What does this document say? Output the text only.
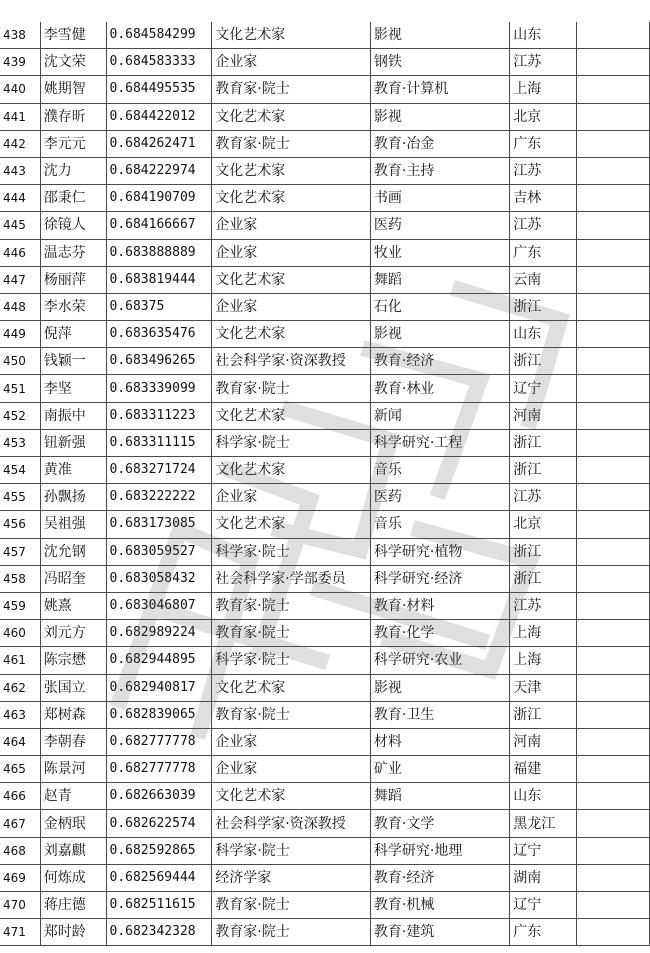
438	李雪健	0.684584299	文化艺术家	影视	山东	
439	沈文荣	0.684583333	企业家	钢铁	江苏	
440	姚期智	0.684495535	教育家·院士	教育·计算机	上海	
441	濮存昕	0.684422012	文化艺术家	影视	北京	
442	李元元	0.684262471	教育家·院士	教育·冶金	广东	
443	沈力	0.684222974	文化艺术家	教育·主持	江苏	
444	邵秉仁	0.684190709	文化艺术家	书画	吉林	
445	徐镜人	0.684166667	企业家	医药	江苏	
446	温志芬	0.683888889	企业家	牧业	广东	
447	杨丽萍	0.683819444	文化艺术家	舞蹈	云南	
448	李水荣	0.68375	企业家	石化	浙江	
449	倪萍	0.683635476	文化艺术家	影视	山东	
450	钱颖一	0.683496265	社会科学家·资深教授	教育·经济	浙江	
451	李坚	0.683339099	教育家·院士	教育·林业	辽宁	
452	南振中	0.683311223	文化艺术家	新闻	河南	
453	钮新强	0.683311115	科学家·院士	科学研究·工程	浙江	
454	黄准	0.683271724	文化艺术家	音乐	浙江	
455	孙飘扬	0.683222222	企业家	医药	江苏	
456	吴祖强	0.683173085	文化艺术家	音乐	北京	
457	沈允钢	0.683059527	科学家·院士	科学研究·植物	浙江	
458	冯昭奎	0.683058432	社会科学家·学部委员	科学研究·经济	浙江	
459	姚熹	0.683046807	教育家·院士	教育·材料	江苏	
460	刘元方	0.682989224	教育家·院士	教育·化学	上海	
461	陈宗懋	0.682944895	科学家·院士	科学研究·农业	上海	
462	张国立	0.682940817	文化艺术家	影视	天津	
463	郑树森	0.682839065	教育家·院士	教育·卫生	浙江	
464	李朝春	0.682777778	企业家	材料	河南	
465	陈景河	0.682777778	企业家	矿业	福建	
466	赵青	0.682663039	文化艺术家	舞蹈	山东	
467	金柄珉	0.682622574	社会科学家·资深教授	教育·文学	黑龙江	
468	刘嘉麒	0.682592865	科学家·院士	科学研究·地理	辽宁	
469	何炼成	0.682569444	经济学家	教育·经济	湖南	
470	蒋庄德	0.682511615	教育家·院士	教育·机械	辽宁	
471	郑时龄	0.682342328	教育家·院士	教育·建筑	广东	
